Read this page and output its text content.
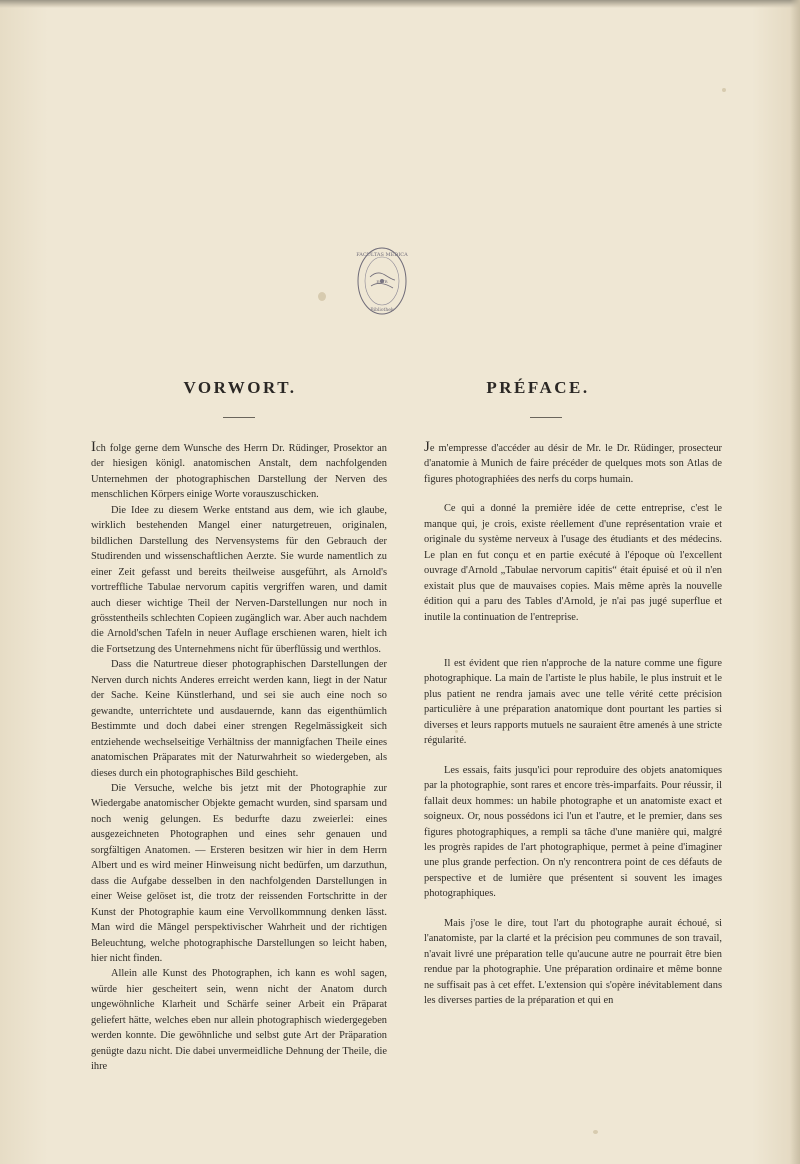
FACULTAS MEDICA
ESTR
Bibliothek
VORWORT.	PRÉFACE.

Ich folge gerne dem Wunsche des Herrn Dr. Rüdinger, Prosektor an der hiesigen königl. anatomischen Anstalt, dem nachfolgenden Unternehmen der photographischen Darstellung der Nerven des menschlichen Körpers einige Worte vorauszuschicken.

Die Idee zu diesem Werke entstand aus dem, wie ich glaube, wirklich bestehenden Mangel einer naturgetreuen, originalen, bildlichen Darstellung des Nervensystems für den Gebrauch der Studirenden und wissenschaftlichen Aerzte. Sie wurde namentlich zu einer Zeit gefasst und bereits theilweise ausgeführt, als Arnold's vortreffliche Tabulae nervorum capitis vergriffen waren, und damit auch dieser wichtige Theil der Nerven-Darstellungen nur noch in grösstentheils schlechten Copieen zugänglich war. Aber auch nachdem die Arnold'schen Tafeln in neuer Auflage erschienen waren, hielt ich die Fortsetzung des Unternehmens nicht für überflüssig und werthlos.

Dass die Naturtreue dieser photographischen Darstellungen der Nerven durch nichts Anderes erreicht werden kann, liegt in der Natur der Sache. Keine Künstlerhand, und sei sie auch eine noch so gewandte, unterrichtete und ausdauernde, kann das eigenthümlich Bestimmte und doch dabei einer strengen Regelmässigkeit sich entziehende wechselseitige Verhältniss der mannigfachen Theile eines anatomischen Präparates mit der Naturwahrheit so wiedergeben, als dieses durch ein photographisches Bild geschieht.

Die Versuche, welche bis jetzt mit der Photographie zur Wiedergabe anatomischer Objekte gemacht wurden, sind sparsam und noch wenig gelungen. Es bedurfte dazu zweierlei: eines ausgezeichneten Photographen und eines sehr genauen und sorgfältigen Anatomen. — Ersteren besitzen wir hier in dem Herrn Albert und es wird meiner Hinweisung nicht bedürfen, um darzuthun, dass die Aufgabe desselben in den nachfolgenden Darstellungen in einer Weise gelöset ist, die trotz der reissenden Fortschritte in der Kunst der Photographie kaum eine Vervollkommnung denken lässt. Man wird die Mängel perspektivischer Wahrheit und der richtigen Beleuchtung, welche photographische Darstellungen so leicht haben, hier nicht finden.

Allein alle Kunst des Photographen, ich kann es wohl sagen, würde hier gescheitert sein, wenn nicht der Anatom durch ungewöhnliche Klarheit und Schärfe seiner Arbeit ein Präparat geliefert hätte, welches eben nur allein photographisch wiedergegeben werden konnte. Die gewöhnliche und selbst gute Art der Präparation genügte dazu nicht. Die dabei unvermeidliche Dehnung der Theile, die ihre

Je m'empresse d'accéder au désir de Mr. le Dr. Rüdinger, prosecteur d'anatomie à Munich de faire précéder de quelques mots son Atlas de figures photographiées des nerfs du corps humain.

Ce qui a donné la première idée de cette entreprise, c'est le manque qui, je crois, existe réellement d'une représentation vraie et originale du système nerveux à l'usage des étudiants et des médecins. Le plan en fut conçu et en partie exécuté à l'époque où l'excellent ouvrage d'Arnold „Tabulae nervorum capitis“ était épuisé et où il n'en existait plus que de mauvaises copies. Mais même après la nouvelle édition qui a paru des Tables d'Arnold, je n'ai pas jugé superflue et inutile la continuation de l'entreprise.

Il est évident que rien n'approche de la nature comme une figure photographique. La main de l'artiste le plus habile, le plus instruit et le plus patient ne rendra jamais avec une telle vérité cette précision particulière à une préparation anatomique dont pourtant les parties si diverses et leurs rapports mutuels ne sauraient être amenés à une stricte régularité.

Les essais, faits jusqu'ici pour reproduire des objets anatomiques par la photographie, sont rares et encore très-imparfaits. Pour réussir, il fallait deux hommes: un habile photographe et un anatomiste exact et soigneux. Or, nous possédons ici l'un et l'autre, et le premier, dans ses figures photographiques, a rempli sa tâche d'une manière qui, malgré les progrès rapides de l'art photographique, permet à peine d'imaginer une plus grande perfection. On n'y rencontrera point de ces défauts de perspective et de lumière que présentent si souvent les images photographiques.

Mais j'ose le dire, tout l'art du photographe aurait échoué, si l'anatomiste, par la clarté et la précision peu communes de son travail, n'avait livré une préparation telle qu'aucune autre ne pourrait être bien rendue par la photographie. Une préparation ordinaire et même bonne ne suffisait pas à cet effet. L'extension qui s'opère inévitablement dans les diverses parties de la préparation et qui en
